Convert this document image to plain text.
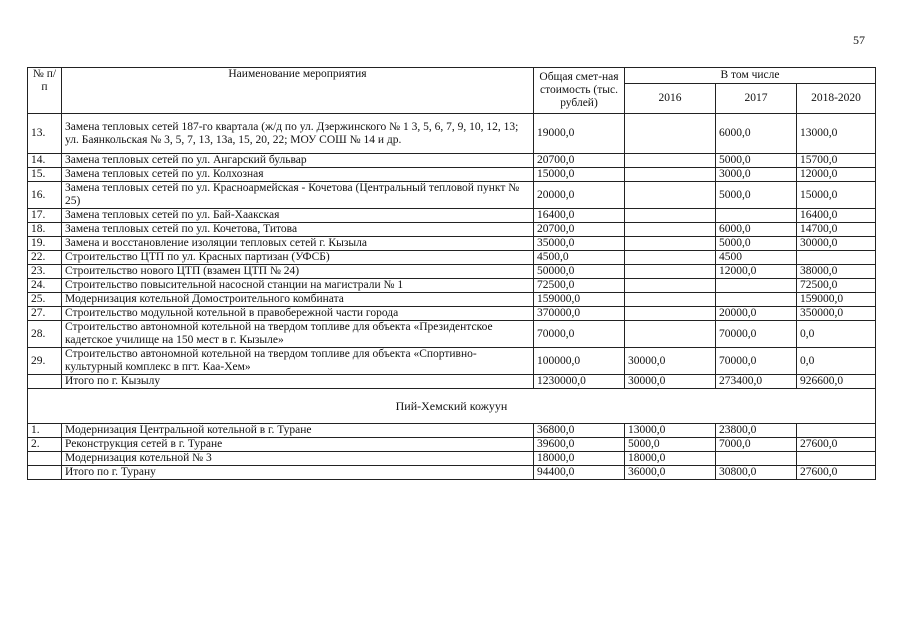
57
№ п/п	Наименование мероприятия	Общая смет-ная стоимость (тыс. рублей)	В том числе		
			2016	2017	2018-2020
13.	Замена тепловых сетей 187-го квартала (ж/д по ул. Дзержинского № 1 3, 5, 6, 7, 9, 10, 12, 13; ул. Баянкольская № 3, 5, 7, 13, 13а, 15, 20, 22; МОУ СОШ № 14 и др.	19000,0		6000,0	13000,0
14.	Замена тепловых сетей по ул. Ангарский бульвар	20700,0		5000,0	15700,0
15.	Замена тепловых сетей по ул. Колхозная	15000,0		3000,0	12000,0
16.	Замена тепловых сетей по ул. Красноармейская - Кочетова (Центральный тепловой пункт № 25)	20000,0		5000,0	15000,0
17.	Замена тепловых сетей по ул. Бай-Хаакская	16400,0			16400,0
18.	Замена тепловых сетей по ул. Кочетова, Титова	20700,0		6000,0	14700,0
19.	Замена и восстановление изоляции тепловых сетей г. Кызыла	35000,0		5000,0	30000,0
22.	Строительство ЦТП по ул. Красных партизан (УФСБ)	4500,0		4500	
23.	Строительство нового ЦТП (взамен ЦТП № 24)	50000,0		12000,0	38000,0
24.	Строительство повысительной насосной станции на магистрали № 1	72500,0			72500,0
25.	Модернизация котельной Домостроительного комбината	159000,0			159000,0
27.	Строительство модульной котельной в правобережной части города	370000,0		20000,0	350000,0
28.	Строительство автономной котельной на твердом топливе для объекта «Президентское кадетское училище на 150 мест в г. Кызыле»	70000,0		70000,0	0,0
29.	Строительство автономной котельной на твердом топливе для объекта «Спортивно-культурный комплекс в пгт. Каа-Хем»	100000,0	30000,0	70000,0	0,0
	Итого по г. Кызылу	1230000,0	30000,0	273400,0	926600,0
Пий-Хемский кожуун					
1.	Модернизация Центральной котельной в г. Туране	36800,0	13000,0	23800,0	
2.	Реконструкция сетей в г. Туране	39600,0	5000,0	7000,0	27600,0
	Модернизация котельной № 3	18000,0	18000,0		
	Итого по г. Турану	94400,0	36000,0	30800,0	27600,0
